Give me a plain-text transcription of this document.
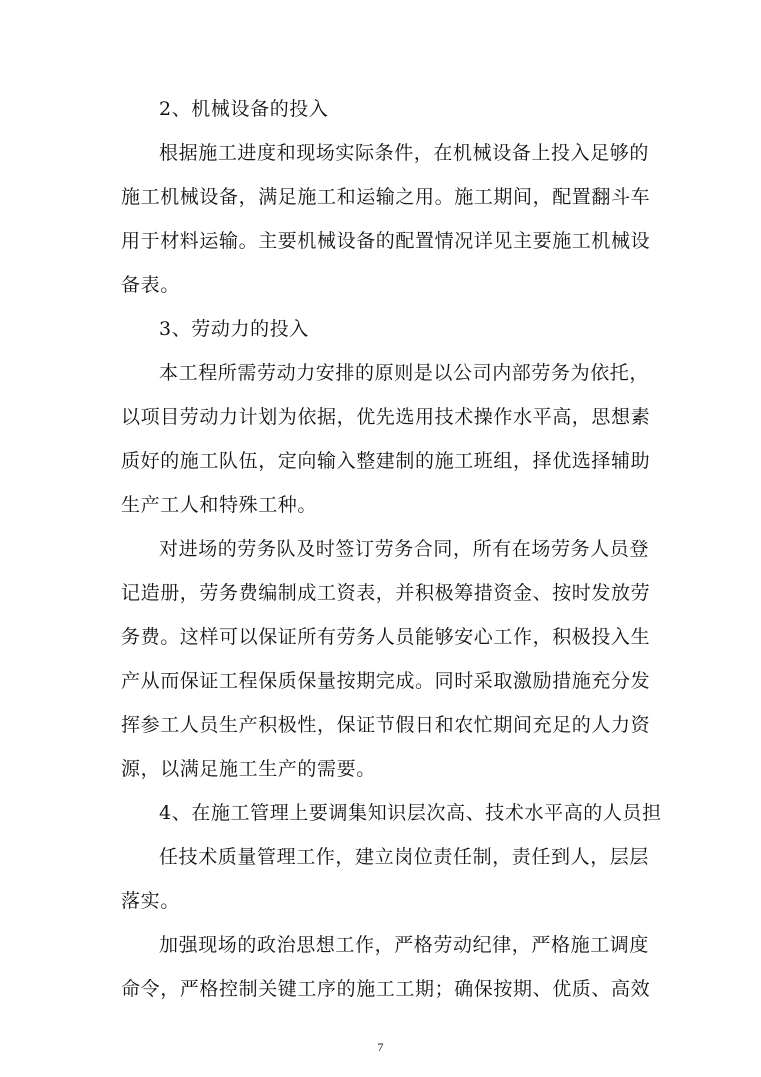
2、机械设备的投入
根据施工进度和现场实际条件，在机械设备上投入足够的
施工机械设备，满足施工和运输之用。施工期间，配置翻斗车
用于材料运输。主要机械设备的配置情况详见主要施工机械设
备表。
3、劳动力的投入
本工程所需劳动力安排的原则是以公司内部劳务为依托，
以项目劳动力计划为依据，优先选用技术操作水平高，思想素
质好的施工队伍，定向输入整建制的施工班组，择优选择辅助
生产工人和特殊工种。
对进场的劳务队及时签订劳务合同，所有在场劳务人员登
记造册，劳务费编制成工资表，并积极筹措资金、按时发放劳
务费。这样可以保证所有劳务人员能够安心工作，积极投入生
产从而保证工程保质保量按期完成。同时采取激励措施充分发
挥参工人员生产积极性，保证节假日和农忙期间充足的人力资
源，以满足施工生产的需要。
4、在施工管理上要调集知识层次高、技术水平高的人员担
任技术质量管理工作，建立岗位责任制，责任到人，层层
落实。
加强现场的政治思想工作，严格劳动纪律，严格施工调度
命令，严格控制关键工序的施工工期；确保按期、优质、高效
7
